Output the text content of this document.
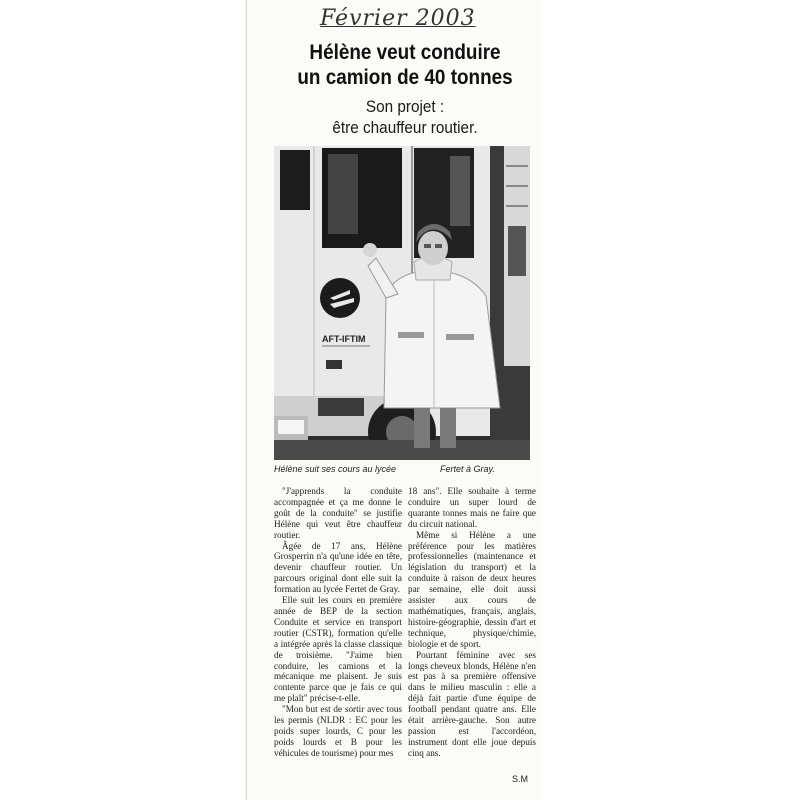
Février 2003
Hélène veut conduire
un camion de 40 tonnes
Son projet :
être chauffeur routier.
AFT-IFTIM
Hélène suit ses cours au lycée	Fertet à Gray.

"J'apprends la conduite accompagnée et ça me donne le goût de la conduite" se justifie Hélène qui veut être chauffeur routier.

Âgée de 17 ans, Hélène Grosperrin n'a qu'une idée en tête, devenir chauffeur routier. Un parcours original dont elle suit la formation au lycée Fertet de Gray.

Elle suit les cours en première année de BEP de la section Conduite et service en transport routier (CSTR), formation qu'elle a intégrée après la classe classique de troisième. "J'aime bien conduire, les camions et la mécanique me plaisent. Je suis contente parce que je fais ce qui me plaît" précise-t-elle.

"Mon but est de sortir avec tous les permis (NLDR : EC pour les poids super lourds, C pour les poids lourds et B pour les véhicules de tourisme) pour mes

18 ans". Elle souhaite à terme conduire un super lourd de quarante tonnes mais ne faire que du circuit national.

Même si Hélène a une préférence pour les matières professionnelles (maintenance et législation du transport) et la conduite à raison de deux heures par semaine, elle doit aussi assister aux cours de mathématiques, français, anglais, histoire-géographie, dessin d'art et technique, physique/chimie, biologie et de sport.

Pourtant féminine avec ses longs cheveux blonds, Hélène n'en est pas à sa première offensive dans le milieu masculin : elle a déjà fait partie d'une équipe de football pendant quatre ans. Elle était arrière-gauche. Son autre passion est l'accordéon, instrument dont elle joue depuis cinq ans.

S.M
